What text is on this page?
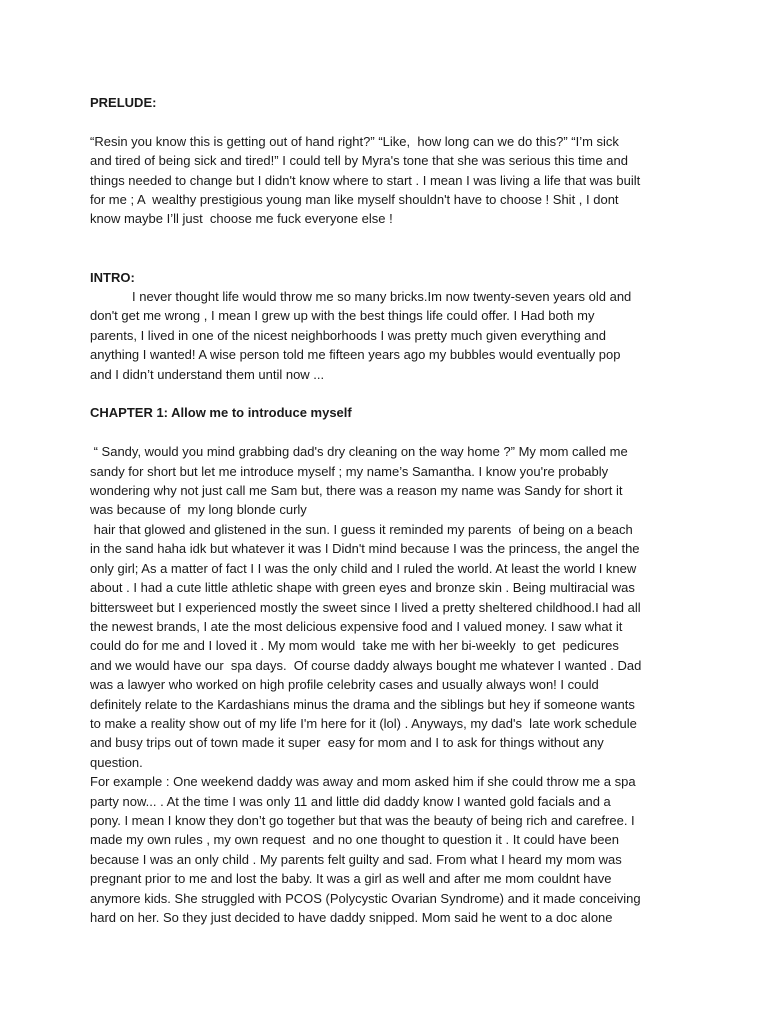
PRELUDE:

“Resin you know this is getting out of hand right?” “Like,  how long can we do this?” “I’m sick

and tired of being sick and tired!” I could tell by Myra's tone that she was serious this time and

things needed to change but I didn't know where to start . I mean I was living a life that was built

for me ; A  wealthy prestigious young man like myself shouldn't have to choose ! Shit , I dont

know maybe I’ll just  choose me fuck everyone else !

INTRO:

I never thought life would throw me so many bricks.Im now twenty-seven years old and

don't get me wrong , I mean I grew up with the best things life could offer. I Had both my

parents, I lived in one of the nicest neighborhoods I was pretty much given everything and

anything I wanted! A wise person told me fifteen years ago my bubbles would eventually pop

and I didn’t understand them until now ...

CHAPTER 1: Allow me to introduce myself

“ Sandy, would you mind grabbing dad's dry cleaning on the way home ?” My mom called me

sandy for short but let me introduce myself ; my name’s Samantha. I know you're probably

wondering why not just call me Sam but, there was a reason my name was Sandy for short it

was because of  my long blonde curly

hair that glowed and glistened in the sun. I guess it reminded my parents  of being on a beach

in the sand haha idk but whatever it was I Didn't mind because I was the princess, the angel the

only girl; As a matter of fact I I was the only child and I ruled the world. At least the world I knew

about . I had a cute little athletic shape with green eyes and bronze skin . Being multiracial was

bittersweet but I experienced mostly the sweet since I lived a pretty sheltered childhood.I had all

the newest brands, I ate the most delicious expensive food and I valued money. I saw what it

could do for me and I loved it . My mom would  take me with her bi-weekly  to get  pedicures

and we would have our  spa days.  Of course daddy always bought me whatever I wanted . Dad

was a lawyer who worked on high profile celebrity cases and usually always won! I could

definitely relate to the Kardashians minus the drama and the siblings but hey if someone wants

to make a reality show out of my life I'm here for it (lol) . Anyways, my dad's  late work schedule

and busy trips out of town made it super  easy for mom and I to ask for things without any

question.

For example : One weekend daddy was away and mom asked him if she could throw me a spa

party now... . At the time I was only 11 and little did daddy know I wanted gold facials and a

pony. I mean I know they don’t go together but that was the beauty of being rich and carefree. I

made my own rules , my own request  and no one thought to question it . It could have been

because I was an only child . My parents felt guilty and sad. From what I heard my mom was

pregnant prior to me and lost the baby. It was a girl as well and after me mom couldnt have

anymore kids. She struggled with PCOS (Polycystic Ovarian Syndrome) and it made conceiving

hard on her. So they just decided to have daddy snipped. Mom said he went to a doc alone
